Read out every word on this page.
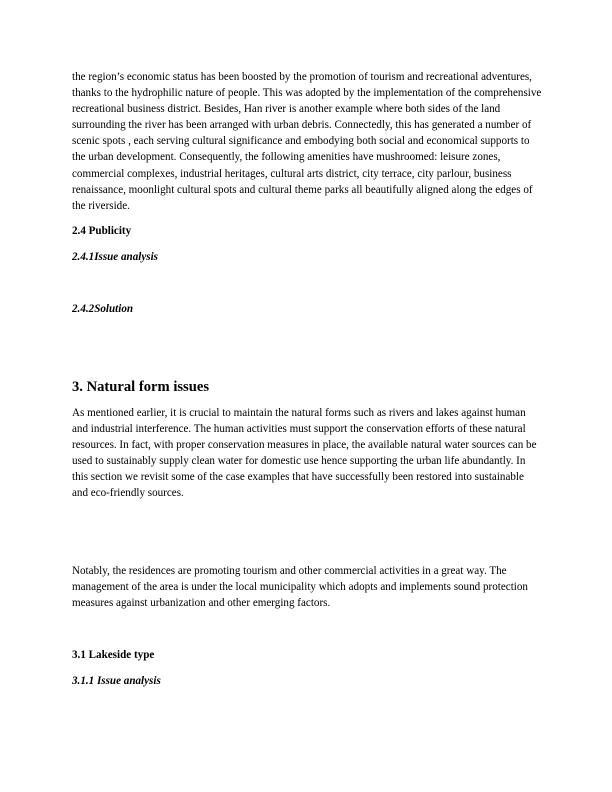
the region’s economic status has been boosted by the promotion of tourism and recreational adventures, thanks to the hydrophilic nature of people. This was adopted by the implementation of the comprehensive recreational business district. Besides, Han river is another example where both sides of the land surrounding the river has been arranged with urban debris. Connectedly, this has generated a number of scenic spots , each serving cultural significance and embodying both social and economical supports to the urban development. Consequently, the following amenities have mushroomed: leisure zones, commercial complexes, industrial heritages, cultural arts district, city terrace, city parlour, business renaissance, moonlight cultural spots and cultural theme parks all beautifully aligned along the edges of the riverside.

2.4 Publicity

2.4.1Issue analysis

2.4.2Solution

3. Natural form issues

As mentioned earlier, it is crucial to maintain the natural forms such as rivers and lakes against human and industrial interference. The human activities must support the conservation efforts of these natural resources. In fact, with proper conservation measures in place, the available natural water sources can be used to sustainably supply clean water for domestic use hence supporting the urban life abundantly. In this section we revisit some of the case examples that have successfully been restored into sustainable and eco-friendly sources.

Notably, the residences are promoting tourism and other commercial activities in a great way. The management of the area is under the local municipality which adopts and implements sound protection measures against urbanization and other emerging factors.

3.1 Lakeside type

3.1.1 Issue analysis
